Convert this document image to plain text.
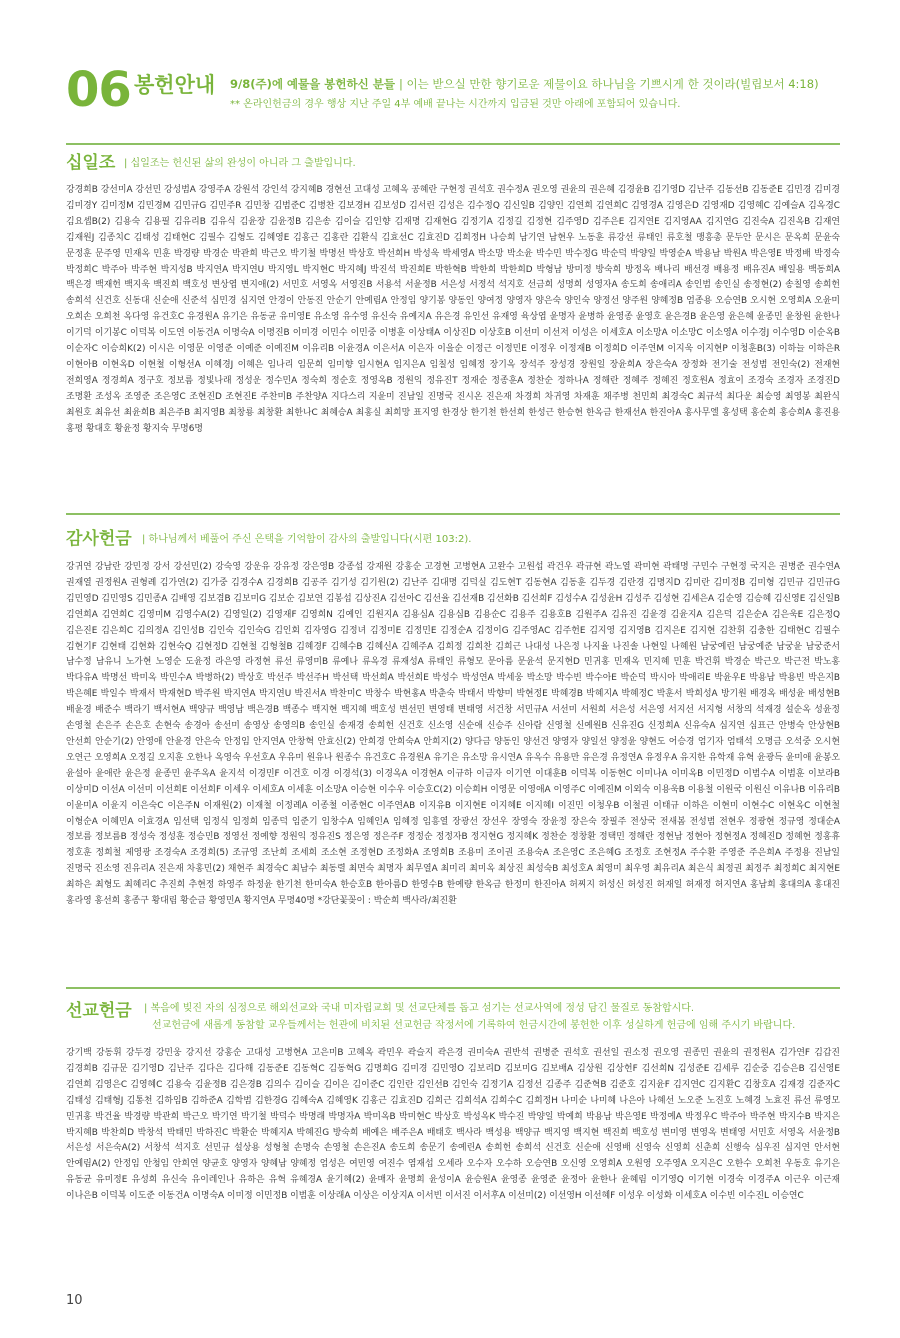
06 봉헌안내 9/8(주)에 예물을 봉헌하신 분들 | 이는 받으실 만한 향기로운 제물이요 하나님을 기쁘시게 한 것이라(빌립보서 4:18)
** 온라인헌금의 경우 행상 지난 주일 4부 예배 끝나는 시간까지 입금된 것만 아래에 포함되어 있습니다.
십일조 | 십일조는 헌신된 삶의 완성이 아니라 그 출발입니다.
강경희B 강선미A 강선민 강성범A 강영주A 강원석 강인석 강지혜B 경현선 고대성 고혜옥 공혜란 구현정 권석호 권수정A 권오영 권윤의 권은혜 김경윤B 김기영D 김난주 김동선B 김동준E 김민경 김미경 김미경Y 김미정M 김민경M 김민규G 김민주R 김민창 김범준C 김병찬 김보경H 김보성D 김서린 김성은 김수정Q 김신일B 김양인 김연희 김연희C 김영경A 김영은D 김영재D 김영혜C 김예슬A 김옥경C 김요셉B(2) 김용숙 김용필 김유리B 김유식 김윤장 김윤정B 김은송 김이슬 김인향 김재명 김재현G 김정기A 김정길 김정현 김주영D 김주은E 김지연E 김지영AA 김지연G 김진숙A 김진옥B 김재연 김재원J 김종치C 김태성 김태현C 김필수 김형도 김혜영E 김홍근 김홍란 김환식 김효선C 김효진D 김희정H 나승희 남기연 남현우 노동훈 류강선 류태인 류호철 맹흥총 문두안 문시은 문옥희 문윤숙 문정훈 문주영 민재옥 민훈 박경량 박경순 박관희 박근오 박기철 박명선 박상호 박선희H 박성욱 박세영A 박소망 박소윤 박수민 박수정G 박순덕 박양일 박영순A 박용남 박원A 박은영E 박정배 박정숙 박정희C 박주아 박주현 박지성B 박지연A 박지연U 박지영L 박지현C 박지혜J 박진석 박진희E 박한혁B 박한희 박한희D 박형남 방미정 방숙희 방정옥 배나리 배선경 배용정 배유진A 배일용 백동희A 백은경 백재헌 백지욱 백진희 백호성 변상엽 변지애(2) 서민호 서영옥 서영진B 서용석 서윤정B 서은성 서정석 석지호 선금희 성명희 성영자A 송도희 송애리A 송인범 송인실 송정현(2) 송칠영 송희헌 송희석 신건호 신동대 신순애 신준석 심민경 심지연 안경이 안동진 안순기 안예림A 안정임 양기봉 양동인 양여정 양영자 양은숙 양인숙 양정선 양주원 양혜정B 엄종용 오승연B 오시현 오영희A 오윤미 오희손 오희천 옥다영 유건호C 유경원A 유기은 유동균 유미영E 유소영 유수영 유신숙 유예지A 유은경 유인선 유재영 육상엽 윤명자 윤병하 윤영종 윤영호 윤은경B 윤은영 윤은혜 윤종민 윤창원 윤한나 이기덕 이기봉C 이덕복 이도연 이동건A 이명숙A 이명진B 이미경 이민수 이민중 이병훈 이상태A 이상진D 이상호B 이선미 이선저 이성은 이세호A 이소망A 이소망C 이소영A 이수경J 이수영D 이순옥B 이순자C 이승희K(2) 이시은 이영문 이영준 이예준 이예진M 이유리B 이윤경A 이은서A 이은자 이을순 이정근 이정민E 이정우 이정재B 이정희D 이주연M 이지욱 이지현P 이청훈B(3) 이하늘 이하은R 이현아B 이현옥D 이현철 이형선A 이혜경J 이혜은 임나리 임문희 임미향 임시현A 임지은A 임칠성 임혜정 장기옥 장석주 장성경 장원일 장윤희A 장은숙A 장정화 전기술 전성범 전인숙(2) 전재현 전희영A 정경희A 정구호 정보름 정빛나래 정성운 정수민A 정숙희 정순호 정영옥B 정원익 정유진T 정재순 정종훈A 정찬순 정하나A 정해란 정혜주 정혜진 정호원A 정효이 조경숙 조경자 조경진D 조명환 조성옥 조영준 조은영C 조현진D 조현진E 주찬미B 주찬양A 지다스리 지윤미 진남일 진명국 진시온 진은재 차경희 차귀영 차재훈 채주병 천민희 최경숙C 최규석 최다운 최승영 최영봉 최완식 최원호 최유선 최윤희B 최은주B 최지영B 최창룡 최창환 최한나C 최혜승A 최홍실 최희망 표지영 한경상 한기천 한선희 한성근 한승현 한옥금 한재선A 한진아A 홍사무엘 홍성택 홍순희 홍승희A 홍진용 홍평 황대호 황윤정 황지숙 무명6명
감사헌금 | 하나님께서 베풀어 주신 은택을 기억함이 감사의 출발입니다(시편 103:2).
강귀연 강남란 강민정 강서 강선민(2) 강숙영 강운유 강유정 강은영B 강종섭 강재원 강홍순 고경현 고병현A 고완수 고원섭 곽건우 곽규현 곽노열 곽미현 곽태명 구민수 구현정 국지은 권병준 권수연A 권재열 권정원A 권형례 김가연(2) 김가중 김경수A 김경희B 김공주 김기성 김기원(2) 김난주 김대명 김덕실 김도현T 김동현A 김동훈 김두경 김란경 김명지D 김미란 김미정B 김미형 김민규 김민규G 김민영D 김민영S 김민종A 김배영 김보겸B 김보미G 김보순 김보연 김봉섭 김상진A 김선아C 김선율 김선재B 김선화B 김선희F 김성수A 김성윤H 김성주 김성현 김세은A 김순영 김승혜 김신영E 김신일B 김연희A 김연희C 김영미M 김영수A(2) 김영일(2) 김영재F 김영희N 김예인 김원지A 김용심A 김용심B 김용순C 김용주 김용호B 김원주A 김유진 김윤경 김윤지A 김은덕 김은순A 김은욱E 김은정Q 김은진E 김은희C 김의정A 김인성B 김인숙 김인숙G 김인회 김자영G 김정녀 김정미E 김정민E 김정순A 김정이G 김주영AC 김주헌E 김지영 김지영B 김지은E 김지현 김찬휘 김충한 김태현C 김필수 김현기F 김현태 김현화 김현숙Q 김현정D 김현철 김형철B 김혜경F 김혜수B 김혜신A 김혜주A 김희정 김희찬 김희근 나대성 나은정 나지율 나진솔 나현일 나혜원 남궁예린 남궁예준 남궁윤 남궁준서 남수정 남유니 노가현 노영순 도윤정 라은영 라정현 류선 류영미B 류예나 류옥경 류재성A 류태인 류형모 문아름 문윤석 문지현D 민귀홍 민재옥 민지혜 민훈 박건휘 박경순 박근오 박근전 박노홍 박다유A 박명선 박미옥 박민수A 박병하(2) 박상호 박선주 박선주H 박선택 박선희A 박선희E 박성수 박성연A 박세웅 박소망 박수빈 박수아E 박순덕 박시아 박애리E 박윤우E 박용남 박용빈 박은지B 박은혜E 박일수 박재서 박재현D 박주원 박지연A 박지연U 박진서A 박찬미C 박창수 박현홍A 박춘숙 박태서 박향미 박현정E 박혜경B 박혜지A 박혜정C 박훈서 박희성A 방기원 배경옥 배성윤 배성현B 배윤경 배준수 백라기 백서현A 백양규 백영남 백은경B 백종수 백지현 백지혜 백호성 변선민 변영태 변태영 서건창 서민규A 서선미 서원희 서은성 서은영 서지선 서지형 서창의 석재경 설순옥 성윤정 손영철 손은주 손은호 손현숙 송경아 송선미 송영상 송영의B 송인실 송재경 송희헌 신건호 신소영 신순애 신승주 신아람 신영철 신예원B 신유진G 신정희A 신유숙A 심지연 심표근 안병숙 안상현B 안선희 안순기(2) 안영애 안윤경 안은숙 안정임 안지연A 안창혁 안효신(2) 안희경 안희숙A 안희지(2) 양다금 양동인 양선건 양영자 양일선 양정윤 양현도 어승경 엄기자 엄태석 오명금 오석중 오시현 오연근 오영희A 오정길 오지훈 오한나 옥영숙 우선호A 우유미 원유나 원종수 유건호C 유경원A 유기은 유소망 유시연A 유옥수 유용만 유은경 유정연A 유정우A 유지한 유학재 유혁 윤광득 윤미애 윤봉오 윤설아 윤애란 윤은정 윤종민 윤주옥A 윤지석 이경민F 이건호 이경 이경석(3) 이경옥A 이경현A 이규하 이금자 이기연 이대훈B 이덕복 이동현C 이미나A 이미옥B 이민정D 이범수A 이범훈 이보라B 이상미D 이선A 이선미 이선희E 이선희F 이세우 이세호A 이세훈 이소망A 이승현 이수우 이승호C(2) 이승희H 이영문 이영애A 이영주C 이예진M 이외숙 이용욱B 이용철 이원국 이원신 이유나B 이유리B 이윤미A 이윤지 이은숙C 이은주N 이재원(2) 이재철 이정례A 이종철 이종현C 이주연AB 이지유B 이지현E 이지혜E 이지혜I 이진민 이청우B 이철권 이태규 이하은 이현미 이현수C 이현옥C 이현철 이형순A 이혜민A 이효경A 임선택 임정식 임정희 임종덕 임준기 임창수A 임혜인A 임혜정 임흥열 장광선 장선우 장영숙 장윤정 장은숙 장필주 전상국 전새봄 전성범 전현우 정광현 정규영 정대순A 정보름 정보름B 정성숙 정성훈 정승민B 정영선 정예향 정원익 정유진S 정은영 정은주F 정정순 정정자B 정지현G 정지혜K 정찬순 정창환 정택민 정해란 정현남 정현아 정현정A 정혜진D 정혜현 정홍휴 정호훈 정희철 제영광 조경숙A 조경희(5) 조규영 조난희 조세희 조소현 조정현D 조정화A 조영희B 조용미 조이권 조용숙A 조은영C 조은혜G 조정호 조현정A 주수환 주영준 주은희A 주정용 진남일 진명국 진소영 진유리A 진은재 차홍민(2) 채현주 최경숙C 최남수 최동렬 최면숙 최명자 최무열A 최미리 최미옥 최상진 최성숙B 최성호A 최영미 최우영 최유리A 최은식 최정권 최정주 최정희C 최지현E 최하은 최형도 최혜리C 추진희 추현정 하영주 하정윤 한기천 한미숙A 한승호B 한아름D 한영수B 한예량 한옥금 한정미 한진아A 허찌지 허성신 허성진 허재일 허재정 허지연A 홍남희 홍대의A 홍대진 홍라영 홍선희 홍종구 황대림 황순금 황영민A 황지연A 무명40명 *강단꽃꽂이 : 박순희 백사라/최진환
선교헌금 | 복음에 빚진 자의 심정으로 해외선교와 국내 미자립교회 및 선교단체를 돕고 섬기는 선교사역에 정성 담긴 물질로 동참합시다.
선교헌금에 새롭게 동참할 교우들께서는 헌관에 비치된 선교헌금 작정서에 기록하여 헌금시간에 봉헌한 이후 성실하게 헌금에 임해 주시기 바랍니다.
강기백 강동휘 강두경 강민웅 강지선 강홍순 고대성 고병현A 고은미B 고혜옥 곽민우 곽슬지 곽은경 권미숙A 권반석 권병준 권석호 권선일 권소정 권오영 권종민 권윤의 권정원A 김가연F 김갑진 김경희B 김규문 김기영D 김난주 김다은 김다해 김동준E 김동혁C 김동혁G 김명희G 김미경 김민영O 김보리D 김보미G 김보배A 김상원 김상헌F 김선희N 김성준E 김세루 김순중 김승은B 김신영E 김연희 김영은C 김영혜C 김용숙 김윤정B 김은경B 김의수 김이슬 김이은 김이준C 김인란 김인선B 김인숙 김정기A 김정선 김종주 김준혁B 김준호 김지윤F 김지연C 김지환C 김창호A 김재경 김준자C 김태성 김태형J 김통천 김하임B 김하준A 김학범 김한경G 김혜숙A 김혜영K 김홍근 김효진D 김희근 김희석A 김희수C 김희정H 나미순 나미혜 나은아 나혜선 노오준 노진호 노혜경 노효진 류선 류영모 민귀홍 박건율 박경량 박관희 박근오 박기연 박기철 박덕수 박명래 박명자A 박미옥B 박미현C 박상호 박성옥K 박수진 박양일 박예희 박용남 박은영E 박정예A 박정우C 박주아 박주현 박지수B 박지은 박지혜B 박찬희D 박창석 박태민 박하진C 박환순 박혜지A 박혜진G 방숙희 배예은 배주은A 배태호 백사라 백성용 백양규 백지영 백지현 백진희 백호성 변미영 변영옥 변태영 서민호 서영옥 서윤정B 서은성 서은숙A(2) 서창석 석지호 선민규 설상용 성형철 손명숙 손영철 손은진A 송도희 송문기 송예린A 송희헌 송희석 신건호 신순애 신영배 신영숙 신영희 신춘희 신행숙 심우진 심지연 안서현 안예림A(2) 안정임 안청임 안희연 양균호 양영자 양혜남 양혜정 엄성은 여민영 여진수 염재섭 오세라 오수자 오수하 오승연B 오신영 오영희A 오원영 오주영A 오지은C 오한수 오희천 우동호 유기은 유동균 유미정E 유성희 유신숙 유이레인나 유하은 유혁 유혜경A 윤기혜(2) 윤매자 윤명희 윤성이A 윤승원A 윤영종 윤영준 윤정아 윤한나 윤혜림 이기영Q 이기현 이경숙 이경주A 이근우 이근재 이나은B 이덕복 이도준 이동건A 이명숙A 이미정 이민정B 이범훈 이상래A 이상은 이상지A 이서빈 이서진 이서후A 이선미(2) 이선영H 이선혜F 이성우 이성화 이세호A 이수빈 이수진L 이승연C
10
